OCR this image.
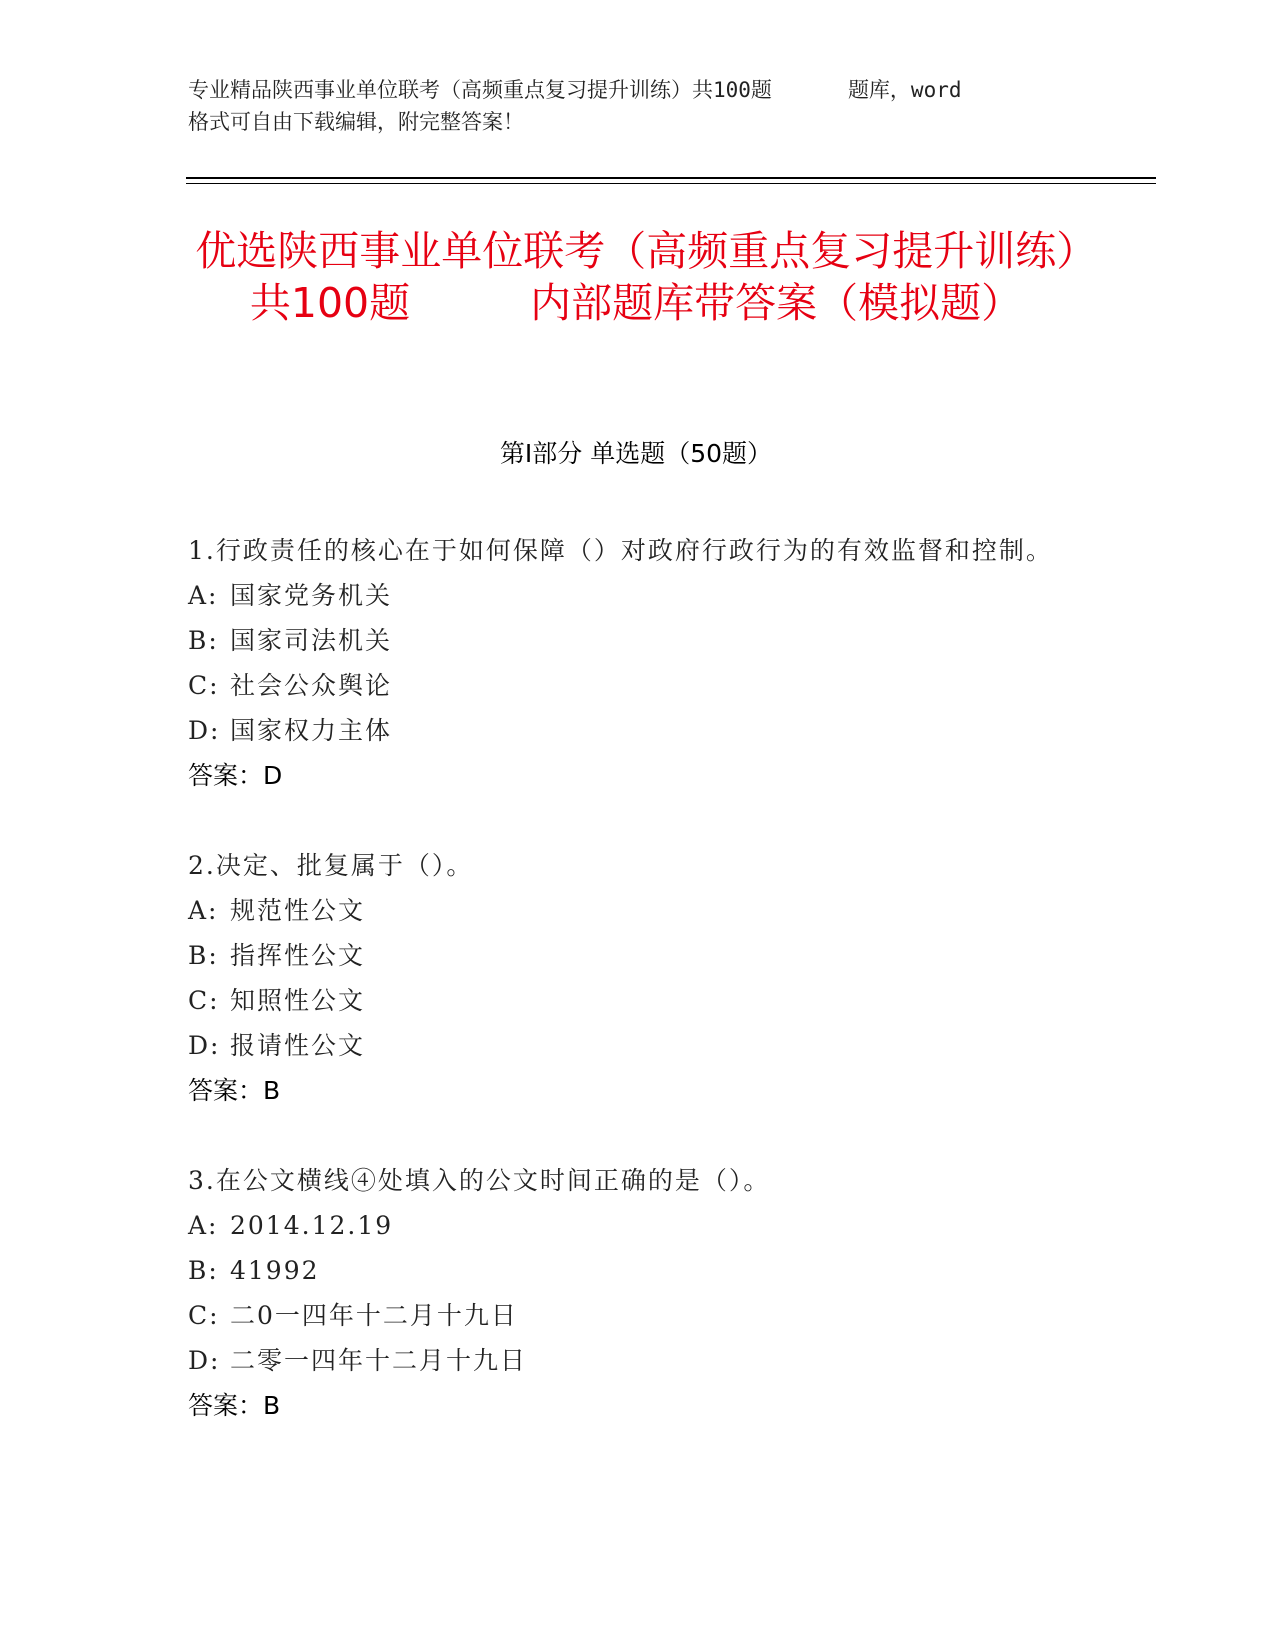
专业精品陕西事业单位联考（高频重点复习提升训练）共100题	题库，word
格式可自由下载编辑，附完整答案！
优选陕西事业单位联考（高频重点复习提升训练）共100题	内部题库带答案（模拟题）
第Ⅰ部分 单选题（50题）
1.行政责任的核心在于如何保障（）对政府行政行为的有效监督和控制。
A: 国家党务机关
B: 国家司法机关
C: 社会公众舆论
D: 国家权力主体
答案：D
2.决定、批复属于（）。
A: 规范性公文
B: 指挥性公文
C: 知照性公文
D: 报请性公文
答案：B
3.在公文横线④处填入的公文时间正确的是（）。
A: 2014.12.19
B: 41992
C: 二0一四年十二月十九日
D: 二零一四年十二月十九日
答案：B
